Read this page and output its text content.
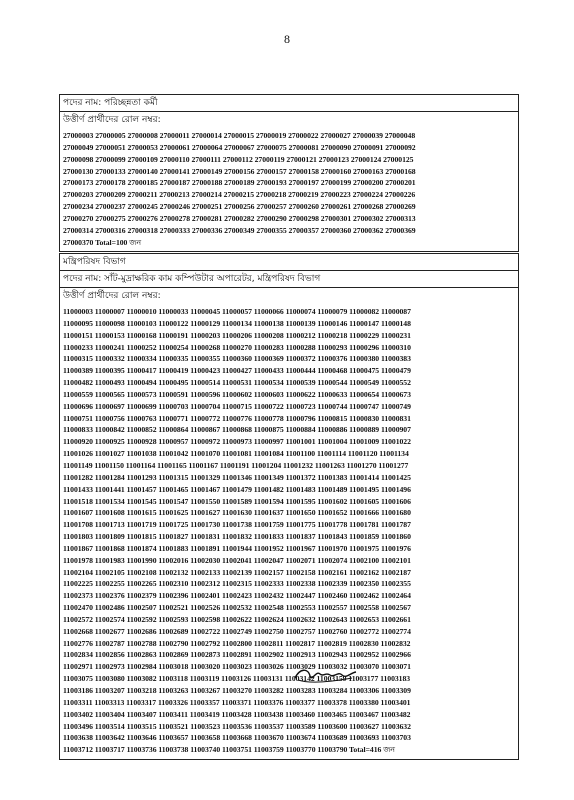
8
পদের নাম: পরিচ্ছন্নতা কর্মী
উত্তীর্ণ প্রার্থীদের রোল নম্বর:
27000003 27000005 27000008 27000011 27000014 27000015 27000019 27000022 27000027 27000039 27000048
27000049 27000051 27000053 27000061 27000064 27000067 27000075 27000081 27000090 27000091 27000092
27000098 27000099 27000109 27000110 27000111 27000112 27000119 27000121 27000123 27000124 27000125
27000130 27000133 27000140 27000141 27000149 27000156 27000157 27000158 27000160 27000163 27000168
27000173 27000178 27000185 27000187 27000188 27000189 27000193 27000197 27000199 27000200 27000201
27000203 27000209 27000211 27000213 27000214 27000215 27000218 27000219 27000223 27000224 27000226
27000234 27000237 27000245 27000246 27000251 27000256 27000257 27000260 27000261 27000268 27000269
27000270 27000275 27000276 27000278 27000281 27000282 27000290 27000298 27000301 27000302 27000313
27000314 27000316 27000318 27000333 27000336 27000349 27000355 27000357 27000360 27000362 27000369
27000370 Total=100 জন
মন্ত্রিপরিষদ বিভাগ
পদের নাম: সাঁট-মুদ্রাক্ষরিক কাম কম্পিউটার অপারেটর, মন্ত্রিপরিষদ বিভাগ
উত্তীর্ণ প্রার্থীদের রোল নম্বর:
11000003 11000007 11000010 11000033 11000045 11000057 11000066 11000074 11000079 11000082 11000087
11000095 11000098 11000103 11000122 11000129 11000134 11000138 11000139 11000146 11000147 11000148
11000151 11000153 11000168 11000191 11000203 11000206 11000208 11000212 11000218 11000229 11000231
11000233 11000241 11000252 11000254 11000268 11000270 11000283 11000288 11000293 11000296 11000310
11000315 11000332 11000334 11000335 11000355 11000360 11000369 11000372 11000376 11000380 11000383
11000389 11000395 11000417 11000419 11000423 11000427 11000433 11000444 11000468 11000475 11000479
11000482 11000493 11000494 11000495 11000514 11000531 11000534 11000539 11000544 11000549 11000552
11000559 11000565 11000573 11000591 11000596 11000602 11000603 11000622 11000633 11000654 11000673
11000696 11000697 11000699 11000703 11000704 11000715 11000722 11000723 11000744 11000747 11000749
11000751 11000756 11000763 11000771 11000772 11000776 11000778 11000796 11000815 11000830 11000831
11000833 11000842 11000852 11000864 11000867 11000868 11000875 11000884 11000886 11000889 11000907
11000920 11000925 11000928 11000957 11000972 11000973 11000997 11001001 11001004 11001009 11001022
11001026 11001027 11001038 11001042 11001070 11001081 11001084 11001100 11001114 11001120 11001134
11001149 11001150 11001164 11001165 11001167 11001191 11001204 11001232 11001263 11001270 11001277
11001282 11001284 11001293 11001315 11001329 11001346 11001349 11001372 11001383 11001414 11001425
11001433 11001441 11001457 11001465 11001467 11001479 11001482 11001483 11001489 11001495 11001496
11001518 11001534 11001545 11001547 11001550 11001589 11001594 11001595 11001602 11001605 11001606
11001607 11001608 11001615 11001625 11001627 11001630 11001637 11001650 11001652 11001666 11001680
11001708 11001713 11001719 11001725 11001730 11001738 11001759 11001775 11001778 11001781 11001787
11001803 11001809 11001815 11001827 11001831 11001832 11001833 11001837 11001843 11001859 11001860
11001867 11001868 11001874 11001883 11001891 11001944 11001952 11001967 11001970 11001975 11001976
11001978 11001983 11001990 11002016 11002030 11002041 11002047 11002071 11002074 11002100 11002101
11002104 11002105 11002108 11002132 11002133 11002139 11002157 11002158 11002161 11002162 11002187
11002225 11002255 11002265 11002310 11002312 11002315 11002333 11002338 11002339 11002350 11002355
11002373 11002376 11002379 11002396 11002401 11002423 11002432 11002447 11002460 11002462 11002464
11002470 11002486 11002507 11002521 11002526 11002532 11002548 11002553 11002557 11002558 11002567
11002572 11002574 11002592 11002593 11002598 11002622 11002624 11002632 11002643 11002653 11002661
11002668 11002677 11002686 11002689 11002722 11002749 11002750 11002757 11002760 11002772 11002774
11002776 11002787 11002788 11002790 11002792 11002800 11002811 11002817 11002819 11002830 11002832
11002834 11002856 11002863 11002869 11002873 11002891 11002902 11002913 11002943 11002952 11002966
11002971 11002973 11002984 11003018 11003020 11003023 11003026 11003029 11003032 11003070 11003071
11003075 11003080 11003082 11003118 11003119 11003126 11003131 11003142 11003159 11003177 11003183
11003186 11003207 11003218 11003263 11003267 11003270 11003282 11003283 11003284 11003306 11003309
11003311 11003313 11003317 11003326 11003357 11003371 11003376 11003377 11003378 11003380 11003401
11003402 11003404 11003407 11003411 11003419 11003428 11003438 11003460 11003465 11003467 11003482
11003496 11003514 11003515 11003521 11003523 11003536 11003537 11003589 11003600 11003627 11003632
11003638 11003642 11003646 11003657 11003658 11003668 11003670 11003674 11003689 11003693 11003703
11003712 11003717 11003736 11003738 11003740 11003751 11003759 11003770 11003790 Total=416 জন
